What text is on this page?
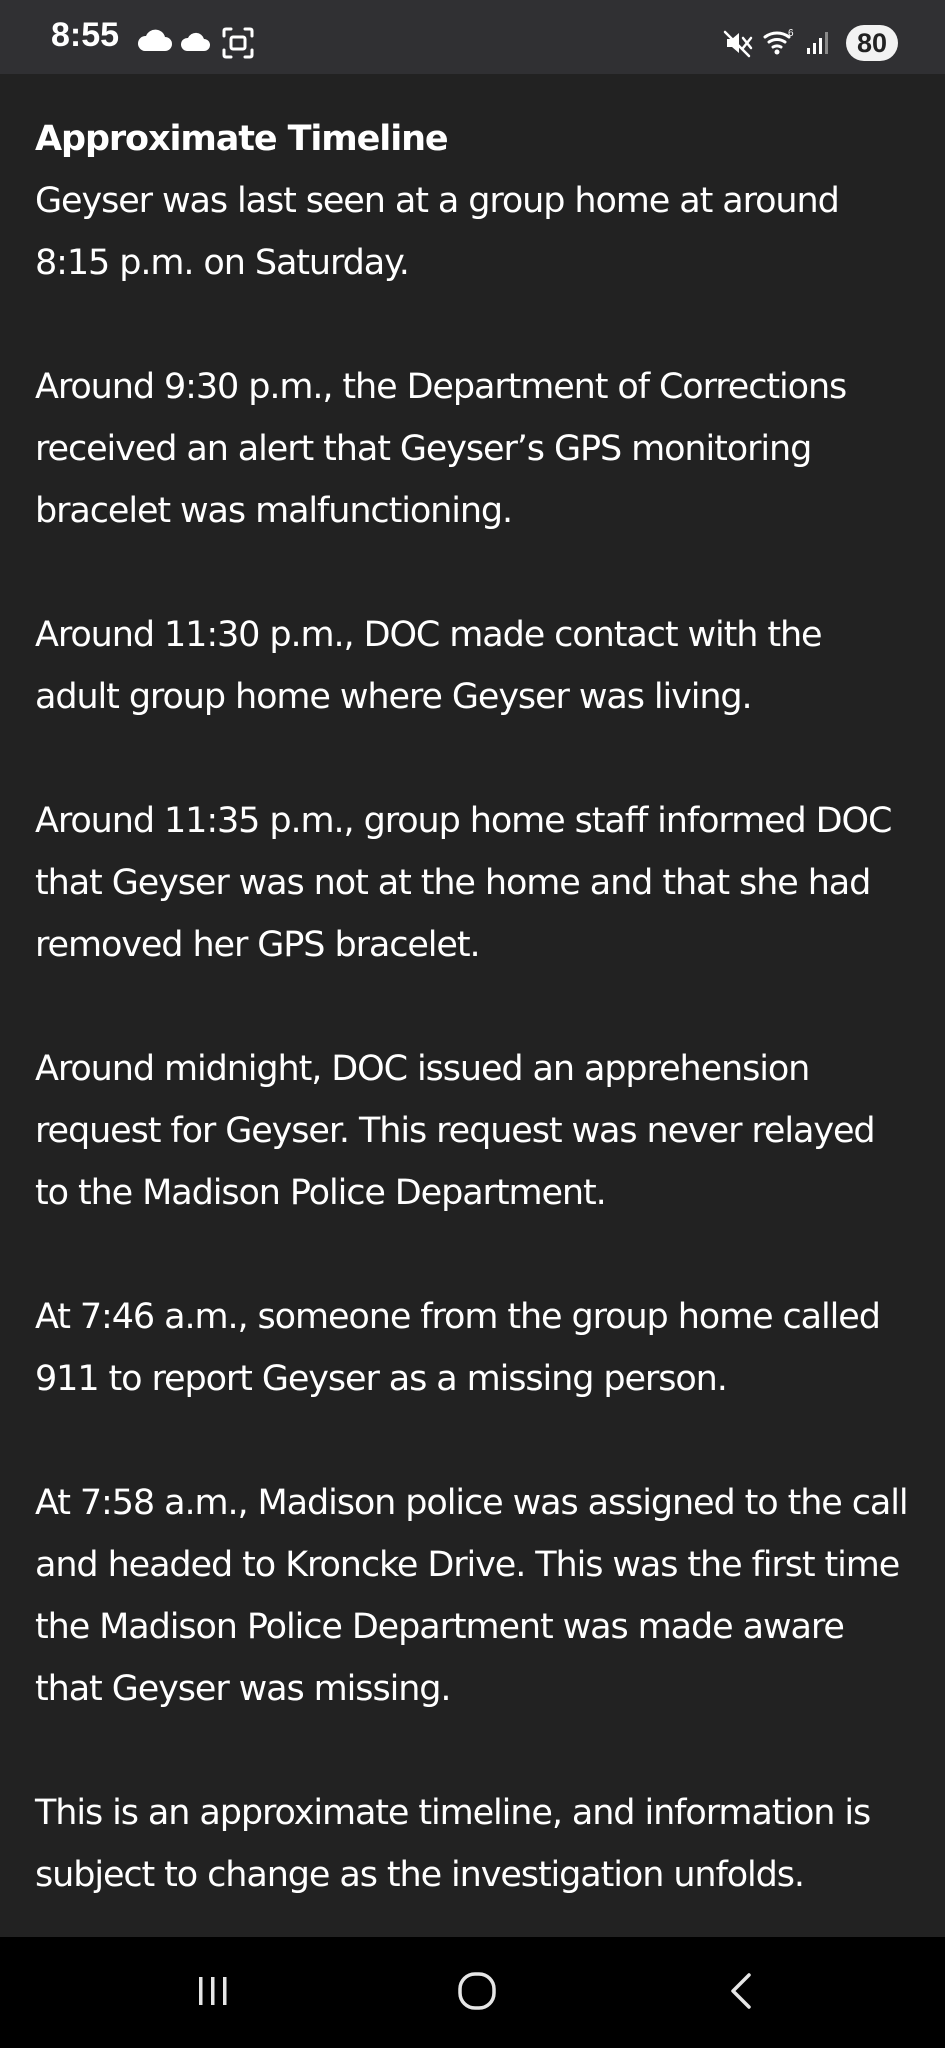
8:55	6	80
Approximate Timeline

Geyser was last seen at a group home at around 8:15 p.m. on Saturday.

Around 9:30 p.m., the Department of Corrections received an alert that Geyser’s GPS monitoring bracelet was malfunctioning.

Around 11:30 p.m., DOC made contact with the adult group home where Geyser was living.

Around 11:35 p.m., group home staff informed DOC that Geyser was not at the home and that she had removed her GPS bracelet.

Around midnight, DOC issued an apprehension request for Geyser. This request was never relayed to the Madison Police Department.

At 7:46 a.m., someone from the group home called 911 to report Geyser as a missing person.

At 7:58 a.m., Madison police was assigned to the call and headed to Kroncke Drive. This was the first time the Madison Police Department was made aware that Geyser was missing.

This is an approximate timeline, and information is subject to change as the investigation unfolds.
